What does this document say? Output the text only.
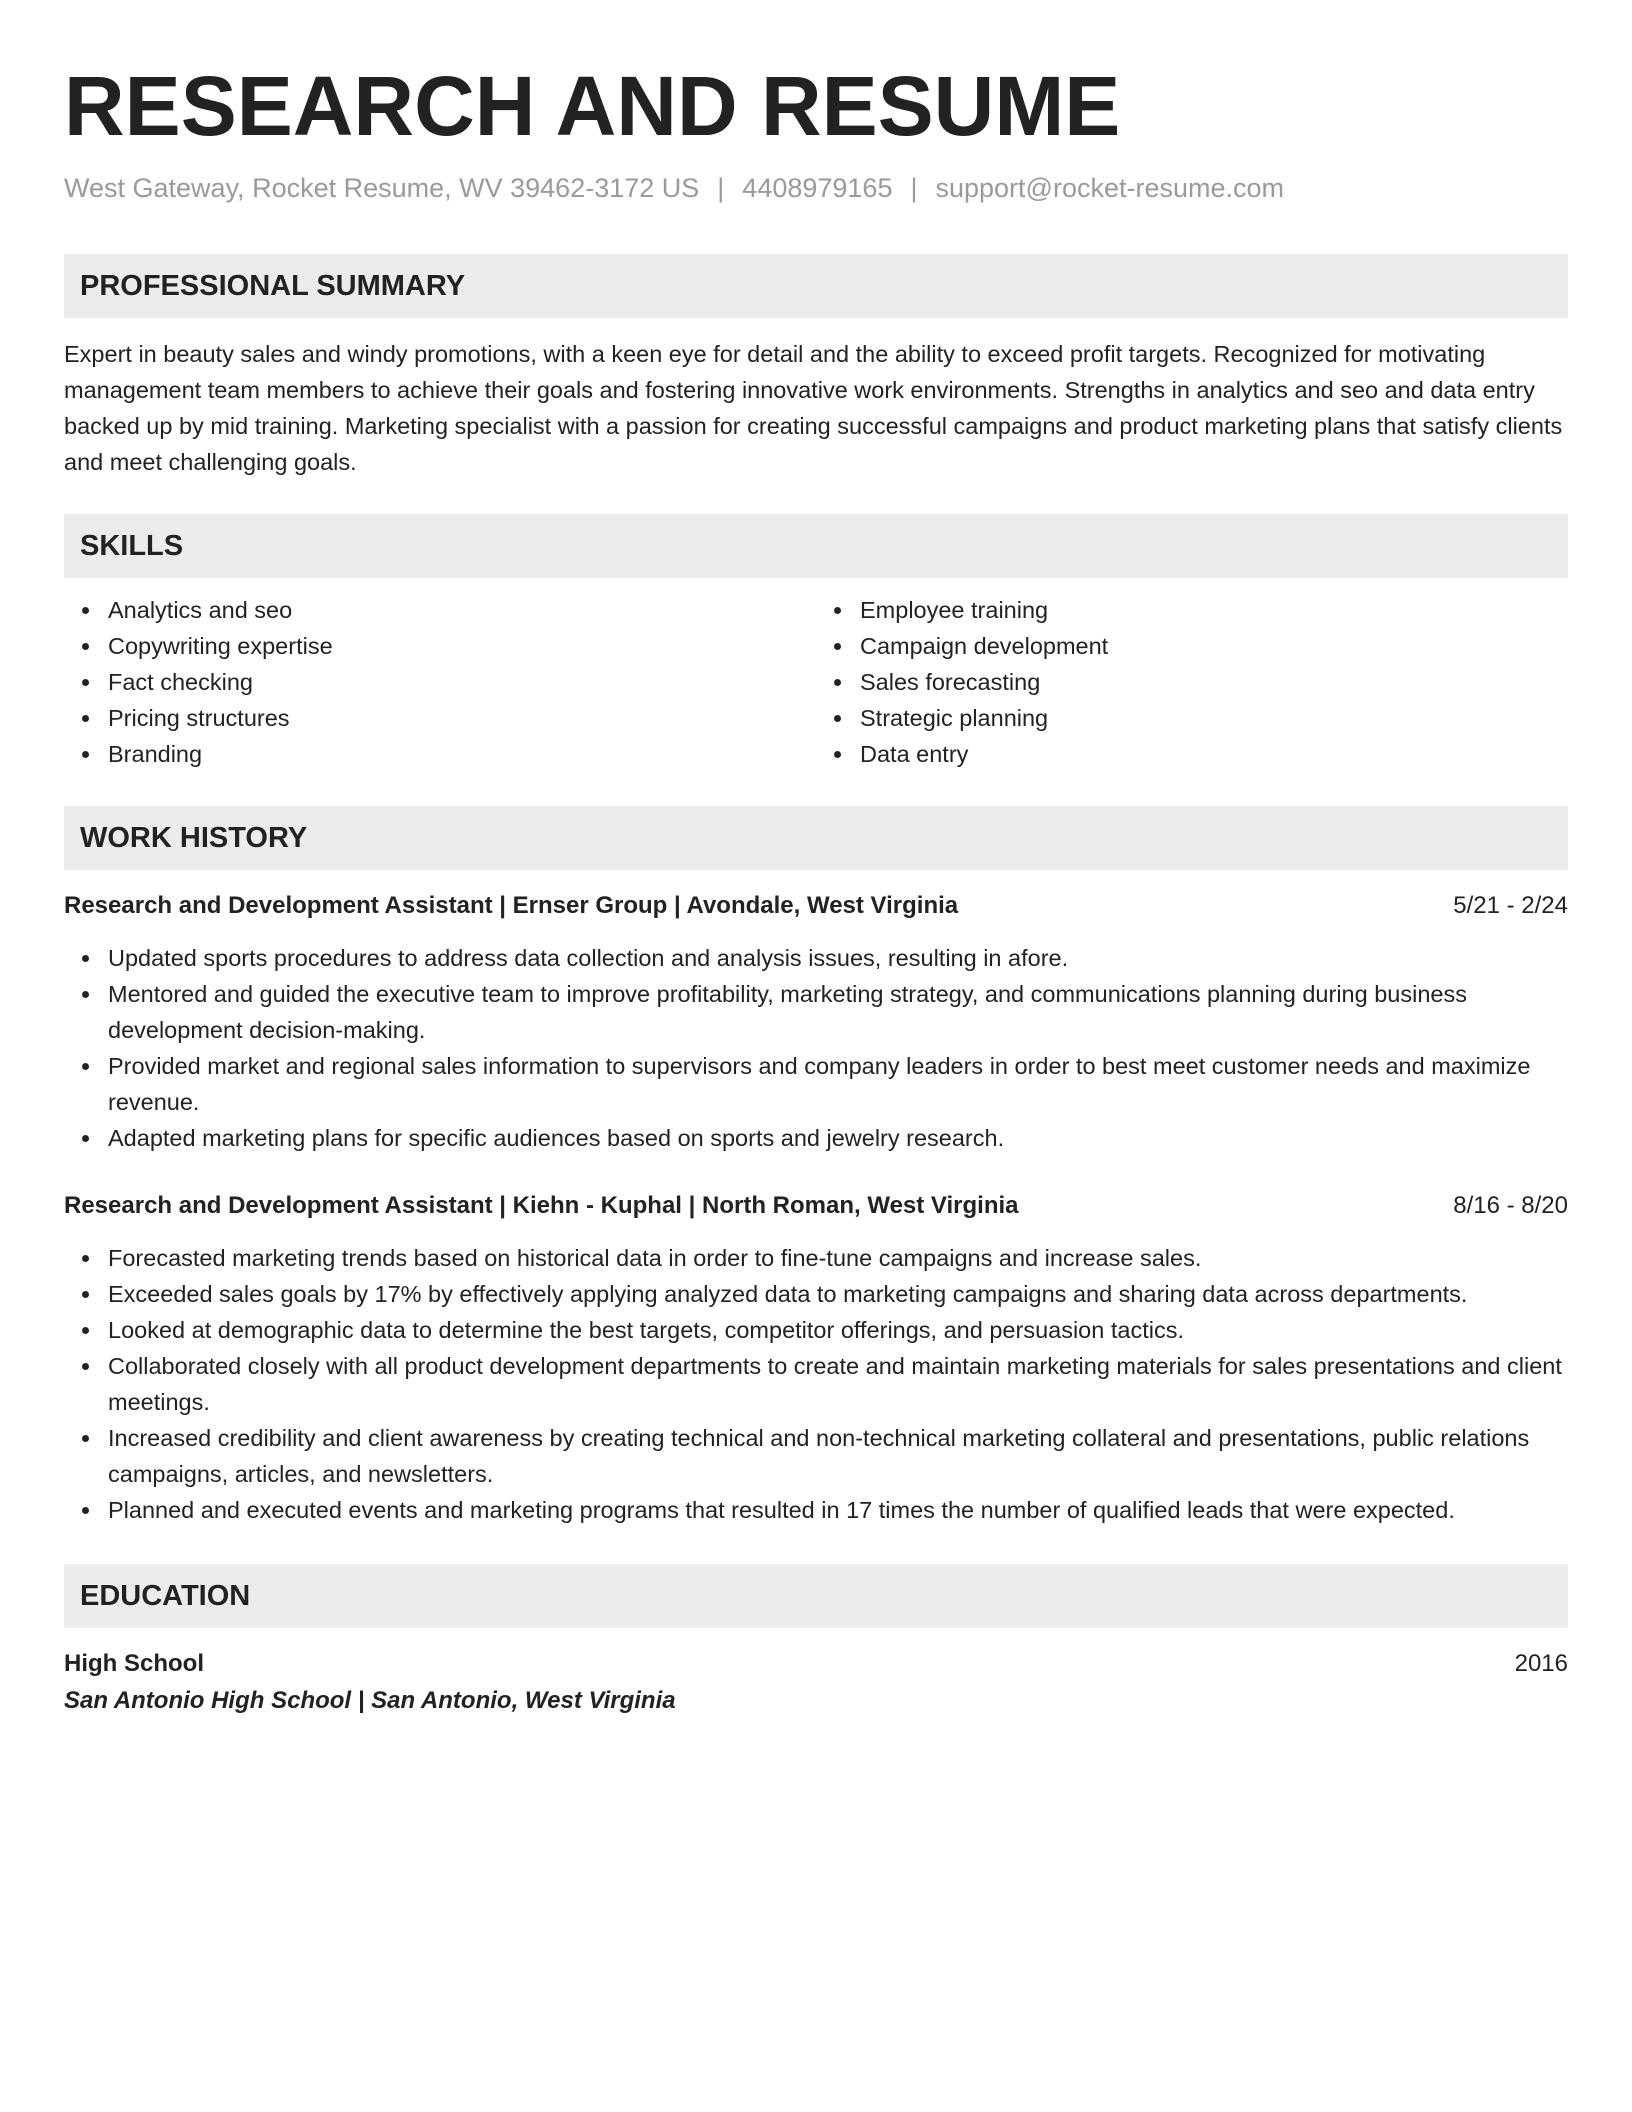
RESEARCH AND RESUME
West Gateway, Rocket Resume, WV 39462-3172 US | 4408979165 | support@rocket-resume.com
PROFESSIONAL SUMMARY
Expert in beauty sales and windy promotions, with a keen eye for detail and the ability to exceed profit targets. Recognized for motivating management team members to achieve their goals and fostering innovative work environments. Strengths in analytics and seo and data entry backed up by mid training. Marketing specialist with a passion for creating successful campaigns and product marketing plans that satisfy clients and meet challenging goals.
SKILLS
Analytics and seo
Copywriting expertise
Fact checking
Pricing structures
Branding
Employee training
Campaign development
Sales forecasting
Strategic planning
Data entry
WORK HISTORY
Research and Development Assistant | Ernser Group | Avondale, West Virginia	5/21 - 2/24
Updated sports procedures to address data collection and analysis issues, resulting in afore.
Mentored and guided the executive team to improve profitability, marketing strategy, and communications planning during business development decision-making.
Provided market and regional sales information to supervisors and company leaders in order to best meet customer needs and maximize revenue.
Adapted marketing plans for specific audiences based on sports and jewelry research.
Research and Development Assistant | Kiehn - Kuphal | North Roman, West Virginia	8/16 - 8/20
Forecasted marketing trends based on historical data in order to fine-tune campaigns and increase sales.
Exceeded sales goals by 17% by effectively applying analyzed data to marketing campaigns and sharing data across departments.
Looked at demographic data to determine the best targets, competitor offerings, and persuasion tactics.
Collaborated closely with all product development departments to create and maintain marketing materials for sales presentations and client meetings.
Increased credibility and client awareness by creating technical and non-technical marketing collateral and presentations, public relations campaigns, articles, and newsletters.
Planned and executed events and marketing programs that resulted in 17 times the number of qualified leads that were expected.
EDUCATION
High School	2016
San Antonio High School | San Antonio, West Virginia
